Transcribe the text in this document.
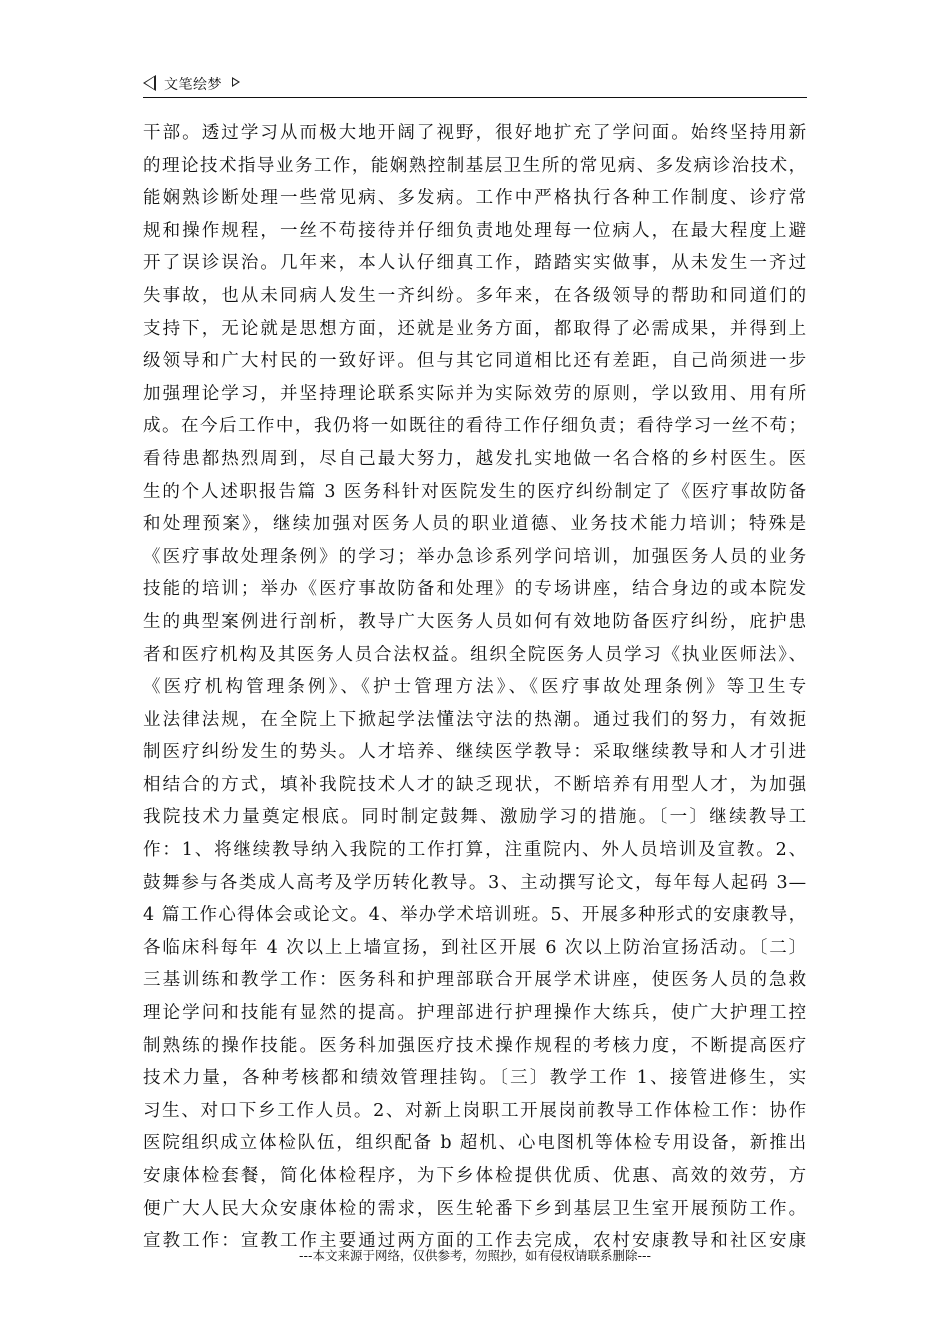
文笔绘梦

干部。透过学习从而极大地开阔了视野，很好地扩充了学问面。始终坚持用新

的理论技术指导业务工作，能娴熟控制基层卫生所的常见病、多发病诊治技术，

能娴熟诊断处理一些常见病、多发病。工作中严格执行各种工作制度、诊疗常

规和操作规程，一丝不苟接待并仔细负责地处理每一位病人，在最大程度上避

开了误诊误治。几年来，本人认仔细真工作，踏踏实实做事，从未发生一齐过

失事故，也从未同病人发生一齐纠纷。多年来，在各级领导的帮助和同道们的

支持下，无论就是思想方面，还就是业务方面，都取得了必需成果，并得到上

级领导和广大村民的一致好评。但与其它同道相比还有差距，自己尚须进一步

加强理论学习，并坚持理论联系实际并为实际效劳的原则，学以致用、用有所

成。在今后工作中，我仍将一如既往的看待工作仔细负责；看待学习一丝不苟；

看待患都热烈周到，尽自己最大努力，越发扎实地做一名合格的乡村医生。医

生的个人述职报告篇 3 医务科针对医院发生的医疗纠纷制定了《医疗事故防备

和处理预案》，继续加强对医务人员的职业道德、业务技术能力培训；特殊是

《医疗事故处理条例》的学习；举办急诊系列学问培训，加强医务人员的业务

技能的培训；举办《医疗事故防备和处理》的专场讲座，结合身边的或本院发

生的典型案例进行剖析，教导广大医务人员如何有效地防备医疗纠纷，庇护患

者和医疗机构及其医务人员合法权益。组织全院医务人员学习《执业医师法》、

《医疗机构管理条例》、《护士管理方法》、《医疗事故处理条例》等卫生专

业法律法规，在全院上下掀起学法懂法守法的热潮。通过我们的努力，有效扼

制医疗纠纷发生的势头。人才培养、继续医学教导：采取继续教导和人才引进

相结合的方式，填补我院技术人才的缺乏现状，不断培养有用型人才，为加强

我院技术力量奠定根底。同时制定鼓舞、激励学习的措施。〔一〕继续教导工

作：1、将继续教导纳入我院的工作打算，注重院内、外人员培训及宣教。2、

鼓舞参与各类成人高考及学历转化教导。3、主动撰写论文，每年每人起码 3—

4 篇工作心得体会或论文。4、举办学术培训班。5、开展多种形式的安康教导，

各临床科每年 4 次以上上墙宣扬，到社区开展 6 次以上防治宣扬活动。〔二〕

三基训练和教学工作：医务科和护理部联合开展学术讲座，使医务人员的急救

理论学问和技能有显然的提高。护理部进行护理操作大练兵，使广大护理工控

制熟练的操作技能。医务科加强医疗技术操作规程的考核力度，不断提高医疗

技术力量，各种考核都和绩效管理挂钩。〔三〕教学工作 1、接管进修生，实

习生、对口下乡工作人员。2、对新上岗职工开展岗前教导工作体检工作：协作

医院组织成立体检队伍，组织配备 b 超机、心电图机等体检专用设备，新推出

安康体检套餐，简化体检程序，为下乡体检提供优质、优惠、高效的效劳，方

便广大人民大众安康体检的需求，医生轮番下乡到基层卫生室开展预防工作。

宣教工作：宣教工作主要通过两方面的工作去完成，农村安康教导和社区安康

---本文来源于网络，仅供参考，勿照抄，如有侵权请联系删除---
